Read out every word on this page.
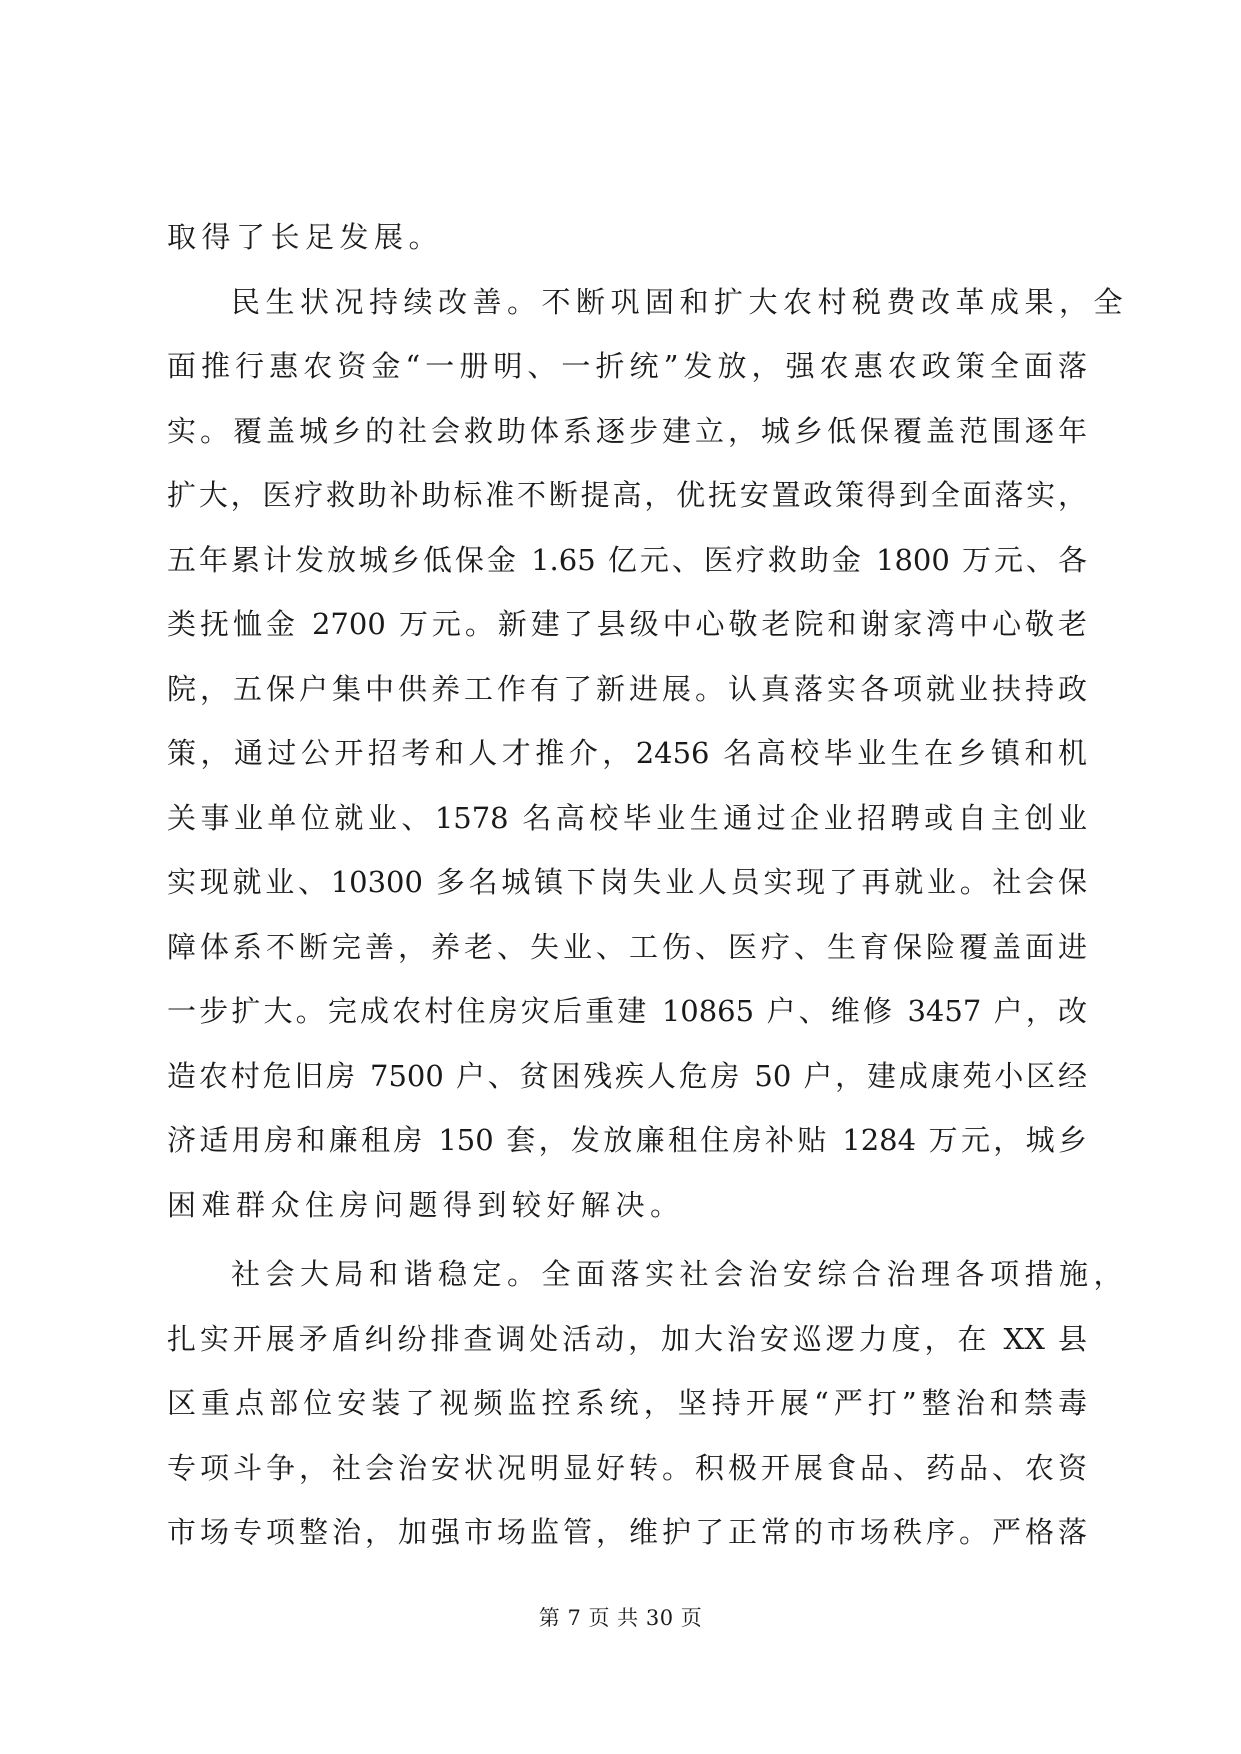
取得了长足发展。
民生状况持续改善。不断巩固和扩大农村税费改革成果，全
面推行惠农资金“一册明、一折统”发放，强农惠农政策全面落
实。覆盖城乡的社会救助体系逐步建立，城乡低保覆盖范围逐年
扩大，医疗救助补助标准不断提高，优抚安置政策得到全面落实，
五年累计发放城乡低保金 1.65 亿元、医疗救助金 1800 万元、各
类抚恤金 2700 万元。新建了县级中心敬老院和谢家湾中心敬老
院，五保户集中供养工作有了新进展。认真落实各项就业扶持政
策，通过公开招考和人才推介，2456 名高校毕业生在乡镇和机
关事业单位就业、1578 名高校毕业生通过企业招聘或自主创业
实现就业、10300 多名城镇下岗失业人员实现了再就业。社会保
障体系不断完善，养老、失业、工伤、医疗、生育保险覆盖面进
一步扩大。完成农村住房灾后重建 10865 户、维修 3457 户，改
造农村危旧房 7500 户、贫困残疾人危房 50 户，建成康苑小区经
济适用房和廉租房 150 套，发放廉租住房补贴 1284 万元，城乡
困难群众住房问题得到较好解决。
社会大局和谐稳定。全面落实社会治安综合治理各项措施，
扎实开展矛盾纠纷排查调处活动，加大治安巡逻力度，在 XX 县
区重点部位安装了视频监控系统，坚持开展“严打”整治和禁毒
专项斗争，社会治安状况明显好转。积极开展食品、药品、农资
市场专项整治，加强市场监管，维护了正常的市场秩序。严格落
第 7 页 共 30 页
